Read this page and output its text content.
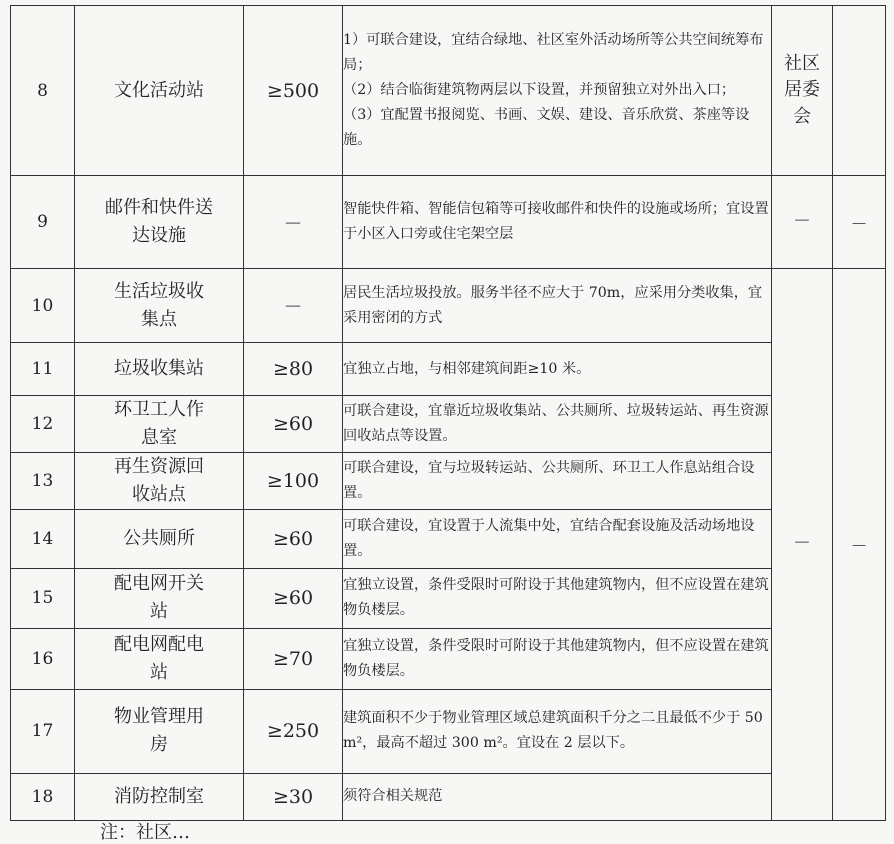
8	文化活动站	≥500	1）可联合建设，宜结合绿地、社区室外活动场所等公共空间统筹布局；
（2）结合临街建筑物两层以下设置，并预留独立对外出入口；
（3）宜配置书报阅览、书画、文娱、建设、音乐欣赏、茶座等设施。	社区居委会	
9	邮件和快件送达设施	－	智能快件箱、智能信包箱等可接收邮件和快件的设施或场所；宜设置于小区入口旁或住宅架空层	－	－
10	生活垃圾收集点	－	居民生活垃圾投放。服务半径不应大于 70m，应采用分类收集，宜采用密闭的方式	－	－
11	垃圾收集站	≥80	宜独立占地，与相邻建筑间距≥10 米。		

12	环卫工人作息室	≥60	可联合建设，宜靠近垃圾收集站、公共厕所、垃圾转运站、再生资源回收站点等设置。		

13	再生资源回收站点	≥100	可联合建设，宜与垃圾转运站、公共厕所、环卫工人作息站组合设置。		

14	公共厕所	≥60	可联合建设，宜设置于人流集中处，宜结合配套设施及活动场地设置。		

15	配电网开关站	≥60	宜独立设置，条件受限时可附设于其他建筑物内，但不应设置在建筑物负楼层。		

16	配电网配电站	≥70	宜独立设置，条件受限时可附设于其他建筑物内，但不应设置在建筑物负楼层。		

17	物业管理用房	≥250	建筑面积不少于物业管理区域总建筑面积千分之二且最低不少于 50 m²，最高不超过 300 m²。宜设在 2 层以下。		

18	消防控制室	≥30	须符合相关规范		
注：社区…
